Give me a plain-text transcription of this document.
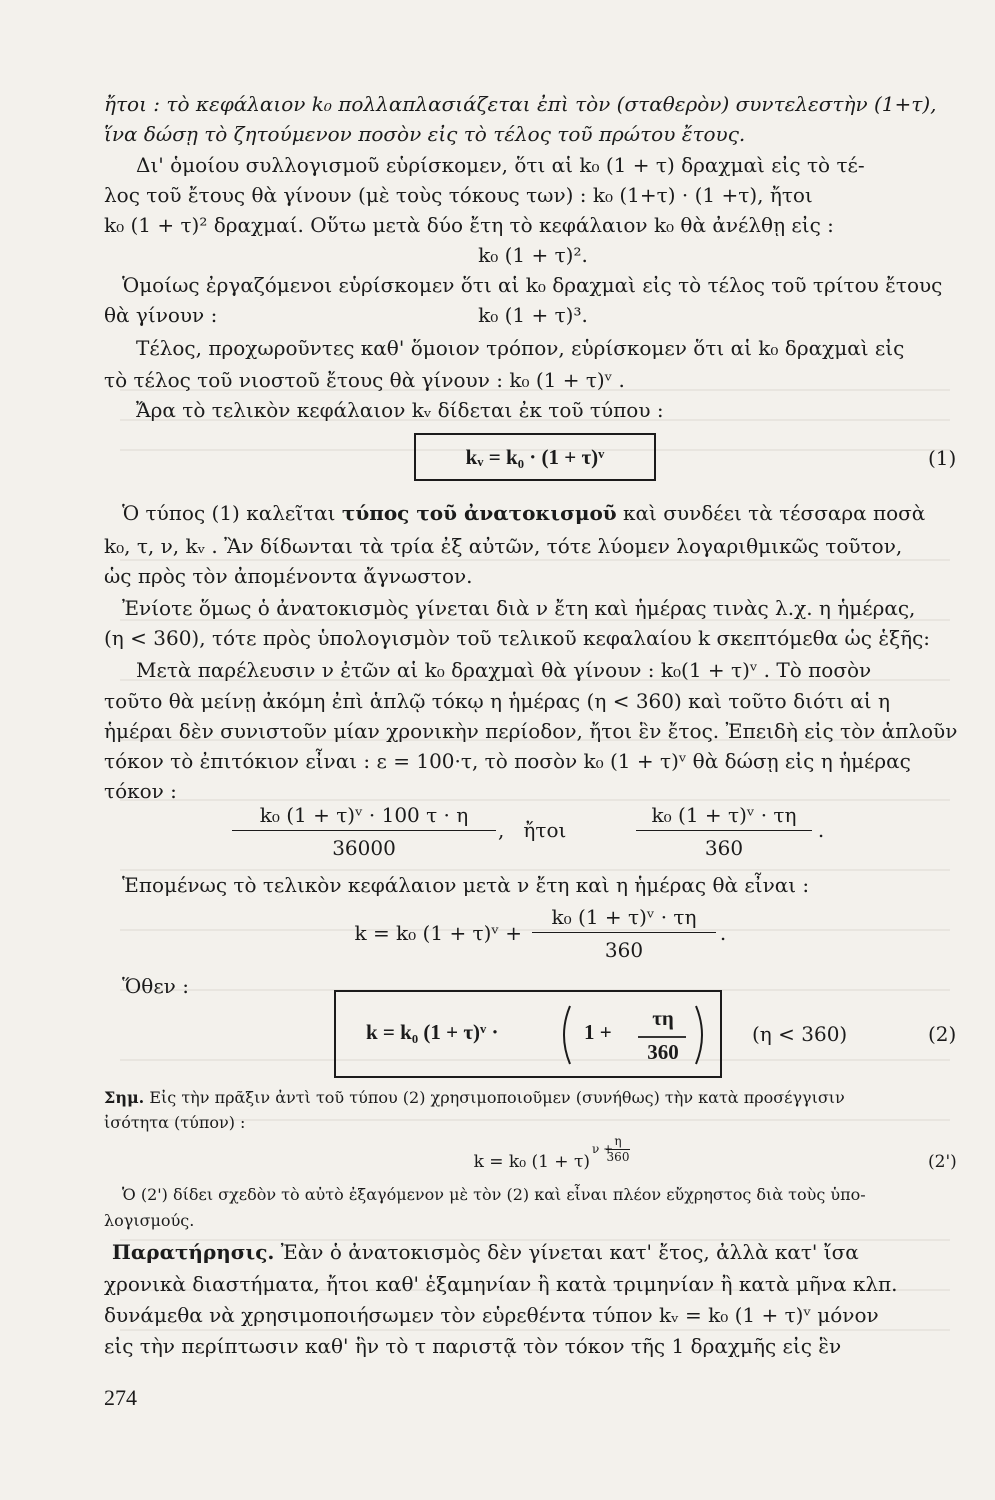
ἤτοι : τὸ κεφάλαιον k₀ πολλαπλασιάζεται ἐπὶ τὸν (σταθερὸν) συντελεστὴν (1+τ),
ἵνα δώσῃ τὸ ζητούμενον ποσὸν εἰς τὸ τέλος τοῦ πρώτου ἔτους.
Δι' ὁμοίου συλλογισμοῦ εὑρίσκομεν, ὅτι αἱ k₀ (1 + τ) δραχμαὶ εἰς τὸ τέ-
λος τοῦ ἔτους θὰ γίνουν (μὲ τοὺς τόκους των) : k₀ (1+τ) · (1 +τ), ἤτοι
k₀ (1 + τ)² δραχμαί. Οὕτω μετὰ δύο ἔτη τὸ κεφάλαιον k₀ θὰ ἀνέλθῃ εἰς :
k₀ (1 + τ)².
Ὁμοίως ἐργαζόμενοι εὑρίσκομεν ὅτι αἱ k₀ δραχμαὶ εἰς τὸ τέλος τοῦ τρίτου ἔτους
θὰ γίνουν :	k₀ (1 + τ)³.
Τέλος, προχωροῦντες καθ' ὅμοιον τρόπον, εὑρίσκομεν ὅτι αἱ k₀ δραχμαὶ εἰς
τὸ τέλος τοῦ νιοστοῦ ἔτους θὰ γίνουν : k₀ (1 + τ)ᵛ .
Ἄρα τὸ τελικὸν κεφάλαιον kᵥ δίδεται ἐκ τοῦ τύπου :
kᵥ = k₀ · (1 + τ)ᵛ	(1)
Ὁ τύπος (1) καλεῖται τύπος τοῦ ἀνατοκισμοῦ καὶ συνδέει τὰ τέσσαρα ποσὰ
k₀, τ, ν, kᵥ . Ἂν δίδωνται τὰ τρία ἐξ αὐτῶν, τότε λύομεν λογαριθμικῶς τοῦτον,
ὡς πρὸς τὸν ἀπομένοντα ἄγνωστον.
Ἐνίοτε ὅμως ὁ ἀνατοκισμὸς γίνεται διὰ ν ἔτη καὶ ἡμέρας τινὰς λ.χ. η ἡμέρας,
(η < 360), τότε πρὸς ὑπολογισμὸν τοῦ τελικοῦ κεφαλαίου k σκεπτόμεθα ὡς ἑξῆς:
Μετὰ παρέλευσιν ν ἐτῶν αἱ k₀ δραχμαὶ θὰ γίνουν : k₀(1 + τ)ᵛ . Τὸ ποσὸν
τοῦτο θὰ μείνῃ ἀκόμη ἐπὶ ἁπλῷ τόκῳ η ἡμέρας (η < 360) καὶ τοῦτο διότι αἱ η
ἡμέραι δὲν συνιστοῦν μίαν χρονικὴν περίοδον, ἤτοι ἓν ἔτος. Ἐπειδὴ εἰς τὸν ἁπλοῦν
τόκον τὸ ἐπιτόκιον εἶναι : ε = 100·τ, τὸ ποσὸν k₀ (1 + τ)ᵛ θὰ δώσῃ εἰς η ἡμέρας
τόκον :
k₀ (1 + τ)ᵛ · 100 τ · η
36000
,   ἤτοι
k₀ (1 + τ)ᵛ · τη
360
.
Ἑπομένως τὸ τελικὸν κεφάλαιον μετὰ ν ἔτη καὶ η ἡμέρας θὰ εἶναι :
k = k₀ (1 + τ)ᵛ +
k₀ (1 + τ)ᵛ · τη
360
.
Ὅθεν :
k = k₀ (1 + τ)ᵛ ·	1 +
τη
360
(η < 360)	(2)
Σημ. Εἰς τὴν πρᾶξιν ἀντὶ τοῦ τύπου (2) χρησιμοποιοῦμεν (συνήθως) τὴν κατὰ προσέγγισιν
ἰσότητα (τύπον) :
k = k₀ (1 + τ)
ν +
η
360	(2')
Ὁ (2') δίδει σχεδὸν τὸ αὐτὸ ἐξαγόμενον μὲ τὸν (2) καὶ εἶναι πλέον εὔχρηστος διὰ τοὺς ὑπο-
λογισμούς.
Παρατήρησις. Ἐὰν ὁ ἀνατοκισμὸς δὲν γίνεται κατ' ἔτος, ἀλλὰ κατ' ἴσα
χρονικὰ διαστήματα, ἤτοι καθ' ἑξαμηνίαν ἢ κατὰ τριμηνίαν ἢ κατὰ μῆνα κλπ.
δυνάμεθα νὰ χρησιμοποιήσωμεν τὸν εὑρεθέντα τύπον kᵥ = k₀ (1 + τ)ᵛ μόνον
εἰς τὴν περίπτωσιν καθ' ἣν τὸ τ παριστᾷ τὸν τόκον τῆς 1 δραχμῆς εἰς ἓν
274
